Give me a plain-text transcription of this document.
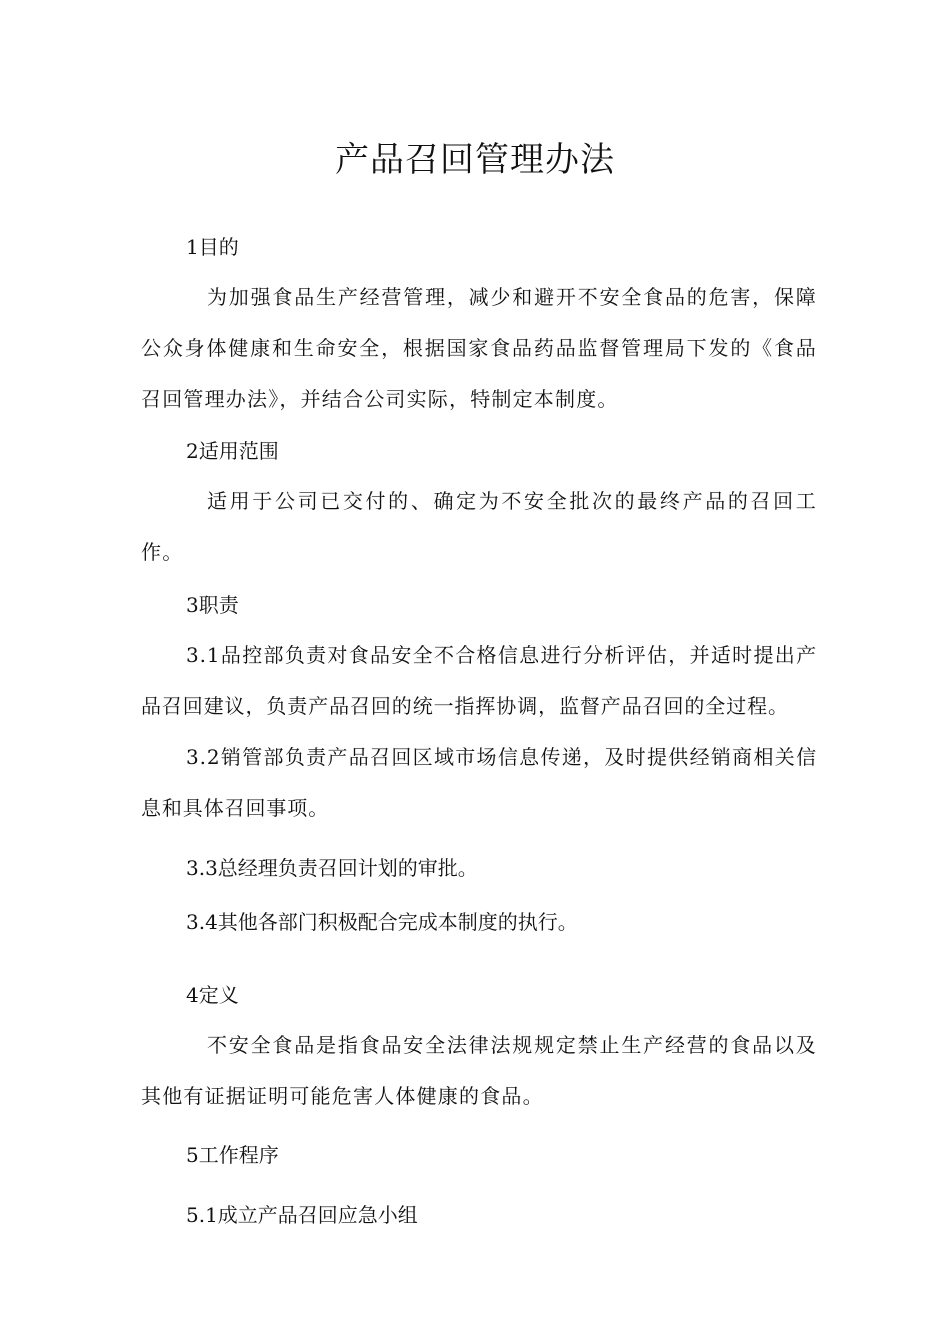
产品召回管理办法
1目的
为加强食品生产经营管理，减少和避开不安全食品的危害，保障公众身体健康和生命安全，根据国家食品药品监督管理局下发的《食品召回管理办法》，并结合公司实际，特制定本制度。
2适用范围
适用于公司已交付的、确定为不安全批次的最终产品的召回工作。
3职责
3.1品控部负责对食品安全不合格信息进行分析评估，并适时提出产品召回建议，负责产品召回的统一指挥协调，监督产品召回的全过程。
3.2销管部负责产品召回区域市场信息传递，及时提供经销商相关信息和具体召回事项。
3.3总经理负责召回计划的审批。
3.4其他各部门积极配合完成本制度的执行。
4定义
不安全食品是指食品安全法律法规规定禁止生产经营的食品以及其他有证据证明可能危害人体健康的食品。
5工作程序
5.1成立产品召回应急小组
